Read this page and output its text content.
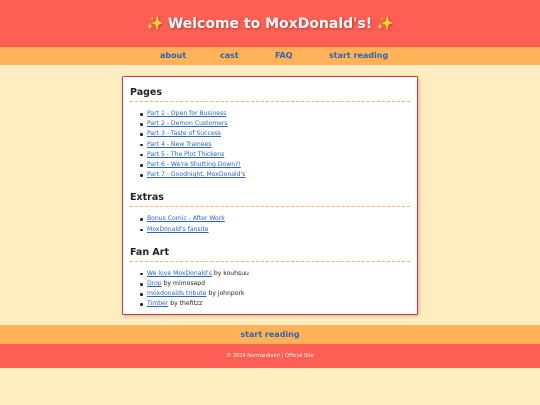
✨ Welcome to MoxDonald's! ✨
about	cast	FAQ	start reading
Pages
Part 1 - Open for Business
Part 2 - Demon Customers
Part 3 - Taste of Success
Part 4 - New Trainees
Part 5 - The Plot Thickens
Part 6 - We're Shutting Down?!
Part 7 - Goodnight, MoxDonald's
Extras
Bonus Comic - After Work
MoxDonald's fansite
Fan Art
We love MoxDonald's by kouhsuu
Drop by mimosapd
moxdonalds tribute by johnpork
Timber by thefitzz
start reading

© 2024 NormanRain! | Official Site
